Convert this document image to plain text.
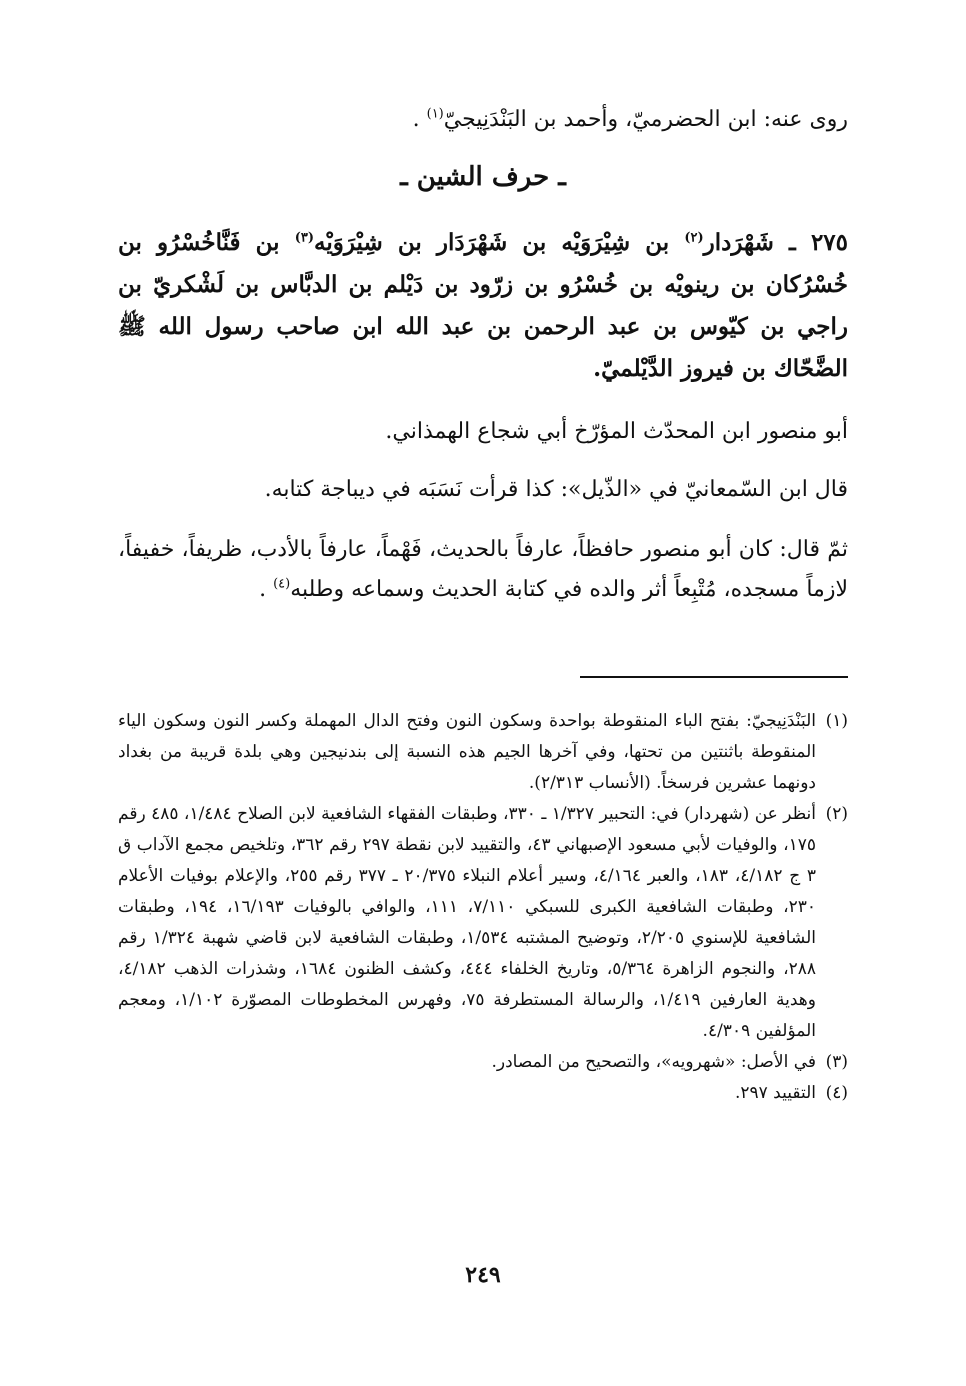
روى عنه: ابن الحضرميّ، وأحمد بن البَنْدَنِيجيّ$^{(١)}$ .

ـ حرف الشين ـ

٢٧٥ ـ شَهْرَدار$^{(٢)}$ بن شِيْرَوَيْه بن شَهْرَدَار بن شِيْرَوَيْه$^{(٣)}$ بن فَنَّاخُسْرُو بن خُسْرُكان بن رينويْه بن خُسْرُو بن زرّود بن دَيْلم بن الدبَّاس بن لَشْكريّ بن راجي بن كيّوس بن عبد الرحمن بن عبد الله ابن صاحب رسول الله ﷺ الضَّحّاك بن فيروز الدَّيْلميّ.

أبو منصور ابن المحدّث المؤرّخ أبي شجاع الهمذاني.

قال ابن السّمعانيّ في «الذّيل»: كذا قرأت نَسَبَه في ديباجة كتابه.

ثمّ قال: كان أبو منصور حافظاً، عارفاً بالحديث، فَهْماً، عارفاً بالأدب، ظريفاً، خفيفاً، لازماً مسجده، مُتْبِعاً أثر والده في كتابة الحديث وسماعه وطلبه$^{(٤)}$ .

(١)
البَنْدَنِيجيّ: بفتح الباء المنقوطة بواحدة وسكون النون وفتح الدال المهملة وكسر النون وسكون الياء المنقوطة باثنتين من تحتها، وفي آخرها الجيم هذه النسبة إلى بندنيجين وهي بلدة قريبة من بغداد دونهما عشرين فرسخاً. (الأنساب ٢/٣١٣).

(٢)
أنظر عن (شهردار) في: التحبير ١/٣٢٧ ـ ٣٣٠، وطبقات الفقهاء الشافعية لابن الصلاح ١/٤٨٤، ٤٨٥ رقم ١٧٥، والوفيات لأبي مسعود الإصبهاني ٤٣، والتقييد لابن نقطة ٢٩٧ رقم ٣٦٢، وتلخيص مجمع الآداب ق ٣ ج ٤/١٨٢، ١٨٣، والعبر ٤/١٦٤، وسير أعلام النبلاء ٢٠/٣٧٥ ـ ٣٧٧ رقم ٢٥٥، والإعلام بوفيات الأعلام ٢٣٠، وطبقات الشافعية الكبرى للسبكي ٧/١١٠، ١١١، والوافي بالوفيات ١٦/١٩٣، ١٩٤، وطبقات الشافعية للإسنوي ٢/٢٠٥، وتوضيح المشتبه ١/٥٣٤، وطبقات الشافعية لابن قاضي شهبة ١/٣٢٤ رقم ٢٨٨، والنجوم الزاهرة ٥/٣٦٤، وتاريخ الخلفاء ٤٤٤، وكشف الظنون ١٦٨٤، وشذرات الذهب ٤/١٨٢، وهدية العارفين ١/٤١٩، والرسالة المستطرفة ٧٥، وفهرس المخطوطات المصوّرة ١/١٠٢، ومعجم المؤلفين ٤/٣٠٩.

(٣)
في الأصل: «شهرويه»، والتصحيح من المصادر.

(٤)
التقييد ٢٩٧.

٢٤٩
